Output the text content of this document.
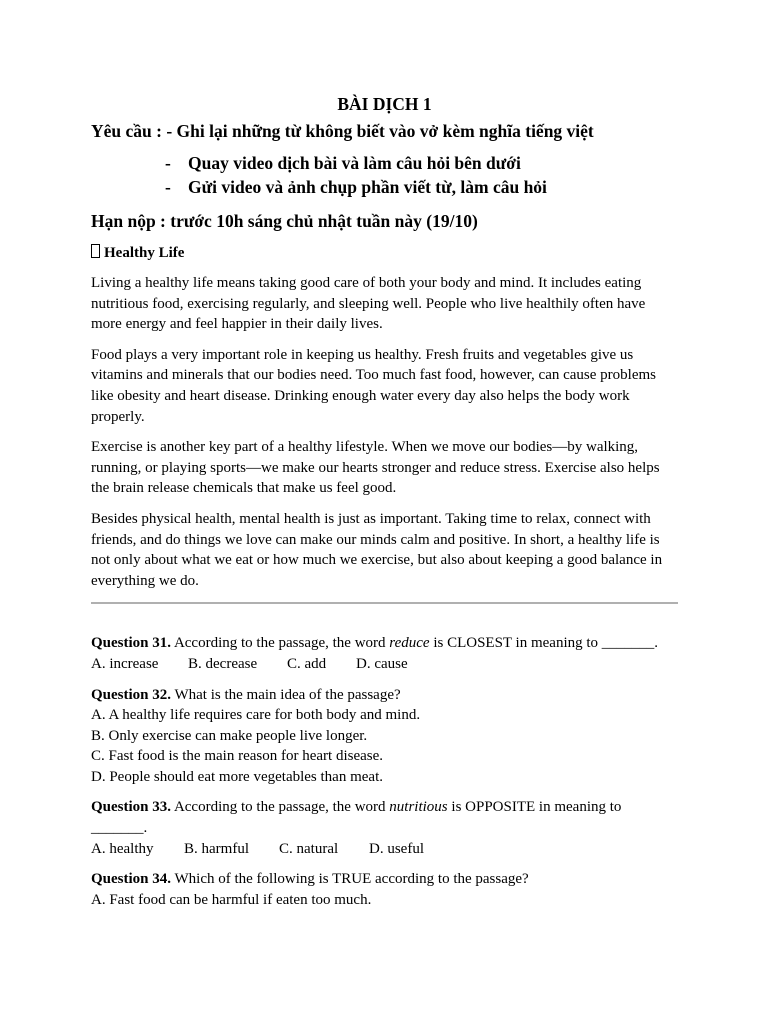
BÀI DỊCH 1

Yêu cầu : - Ghi lại những từ không biết vào vở kèm nghĩa tiếng việt

- Quay video dịch bài và làm câu hỏi bên dưới
- Gửi video và ảnh chụp phần viết từ, làm câu hỏi

Hạn nộp : trước 10h sáng chủ nhật tuần này (19/10)

Healthy Life

Living a healthy life means taking good care of both your body and mind. It includes eating nutritious food, exercising regularly, and sleeping well. People who live healthily often have more energy and feel happier in their daily lives.

Food plays a very important role in keeping us healthy. Fresh fruits and vegetables give us vitamins and minerals that our bodies need. Too much fast food, however, can cause problems like obesity and heart disease. Drinking enough water every day also helps the body work properly.

Exercise is another key part of a healthy lifestyle. When we move our bodies—by walking, running, or playing sports—we make our hearts stronger and reduce stress. Exercise also helps the brain release chemicals that make us feel good.

Besides physical health, mental health is just as important. Taking time to relax, connect with friends, and do things we love can make our minds calm and positive. In short, a healthy life is not only about what we eat or how much we exercise, but also about keeping a good balance in everything we do.

Question 31. According to the passage, the word reduce is CLOSEST in meaning to _______.

A. increase B. decrease C. add D. cause

Question 32. What is the main idea of the passage?

A. A healthy life requires care for both body and mind.

B. Only exercise can make people live longer.

C. Fast food is the main reason for heart disease.

D. People should eat more vegetables than meat.

Question 33. According to the passage, the word nutritious is OPPOSITE in meaning to _______.

A. healthy B. harmful C. natural D. useful

Question 34. Which of the following is TRUE according to the passage?

A. Fast food can be harmful if eaten too much.
